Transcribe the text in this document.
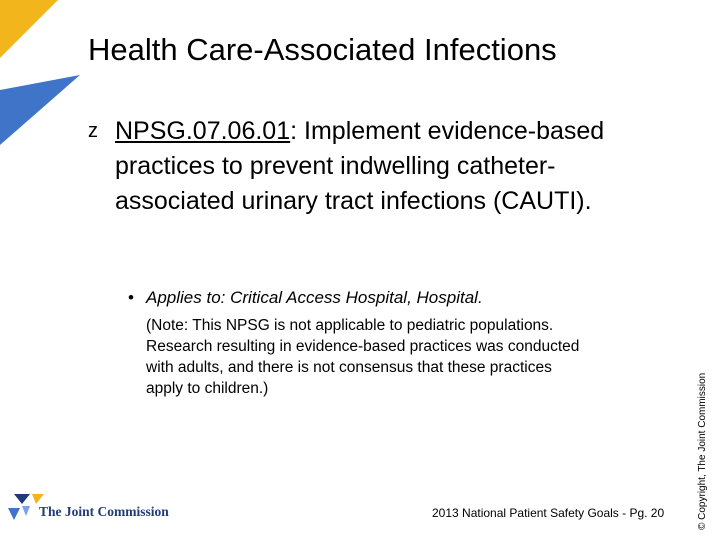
Health Care-Associated Infections
z NPSG.07.06.01: Implement evidence-based practices to prevent indwelling catheter-associated urinary tract infections (CAUTI).
• Applies to: Critical Access Hospital, Hospital.
(Note: This NPSG is not applicable to pediatric populations. Research resulting in evidence-based practices was conducted with adults, and there is not consensus that these practices apply to children.)	© Copyright, The Joint Commission
2013 National Patient Safety Goals - Pg. 20
The Joint Commission
